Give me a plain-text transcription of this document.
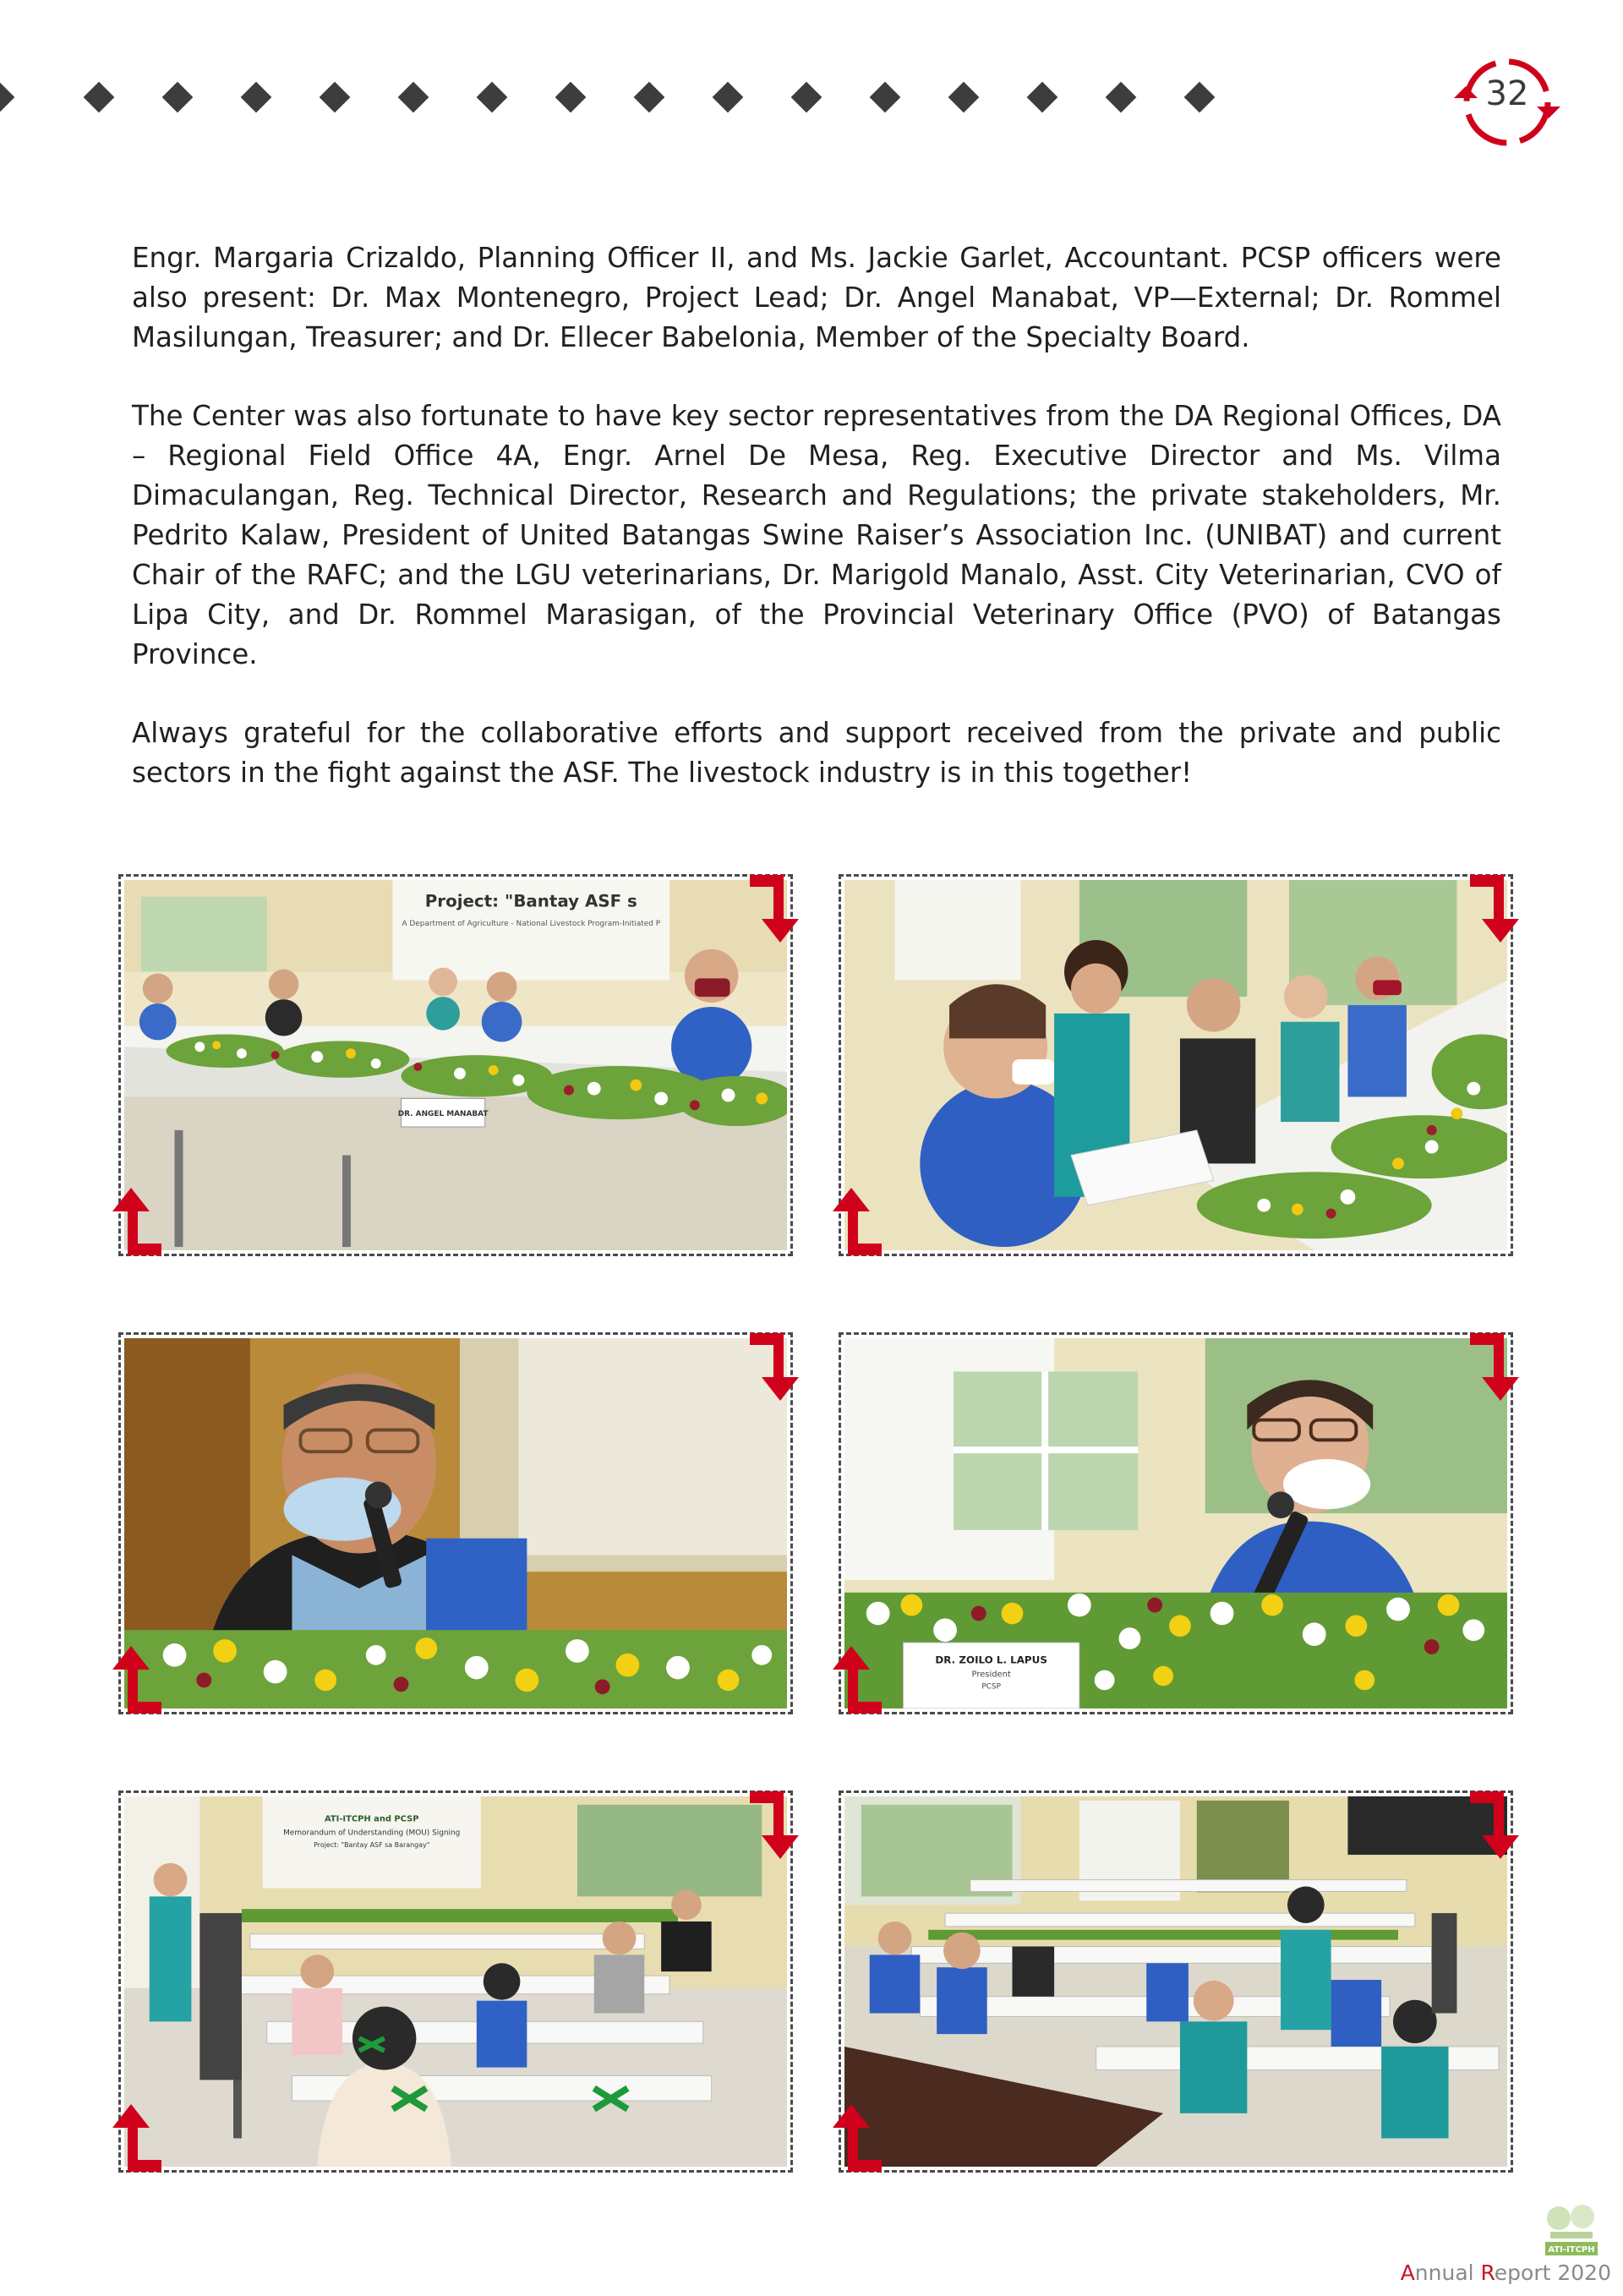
32

Engr. Margaria Crizaldo, Planning Officer II, and Ms. Jackie Garlet, Accountant. PCSP officers were also present: Dr. Max Montenegro, Project Lead; Dr. Angel Manabat, VP—External; Dr. Rommel Masilungan, Treasurer; and Dr. Ellecer Babelonia, Member of the Specialty Board.

The Center was also fortunate to have key sector representatives from the DA Regional Offices, DA – Regional Field Office 4A, Engr. Arnel De Mesa, Reg. Executive Director and Ms. Vilma Dimaculangan, Reg. Technical Director, Research and Regulations; the private stakeholders, Mr. Pedrito Kalaw, President of United Batangas Swine Raiser’s Association Inc. (UNIBAT) and current Chair of the RAFC; and the LGU veterinarians, Dr. Marigold Manalo, Asst. City Veterinarian, CVO of Lipa City, and Dr. Rommel Marasigan, of the Provincial Veterinary Office (PVO) of Batangas Province.

Always grateful for the collaborative efforts and support received from the private and public sectors in the fight against the ASF. The livestock industry is in this together!

Project: "Bantay ASF s
A Department of Agriculture - National Livestock Program-Initiated P
DR. ANGEL MANABAT
DR. ZOILO L. LAPUS
President
PCSP
ATI-ITCPH and PCSP
Memorandum of Understanding (MOU) Signing
Project: "Bantay ASF sa Barangay"
ATI-ITCPH
Annual Report 2020
